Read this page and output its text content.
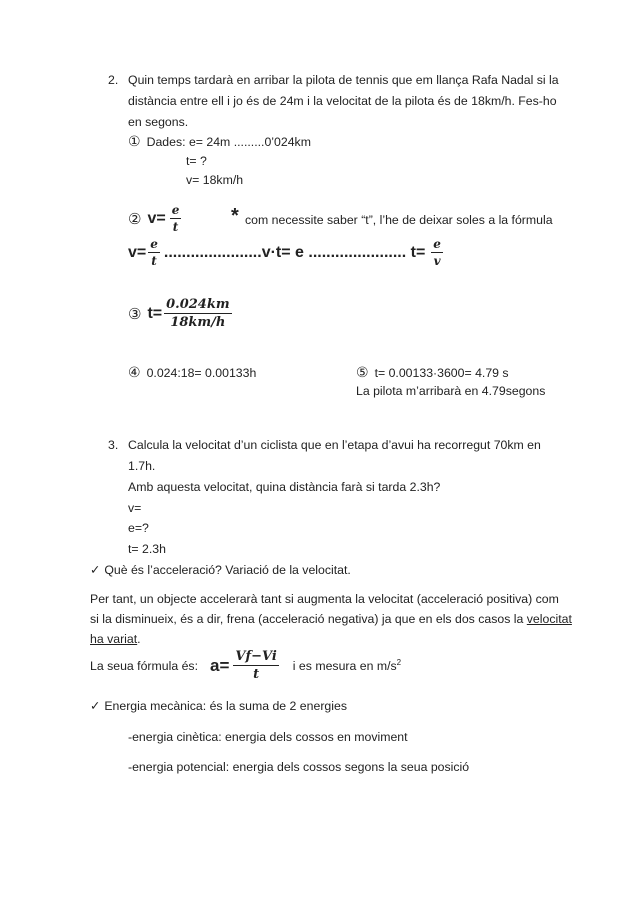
2. Quin temps tardarà en arribar la pilota de tennis que em llança Rafa Nadal si la
distància entre ell i jo és de 24m i la velocitat de la pilota és de 18km/h. Fes-ho
en segons.
① Dades: e= 24m .........0’024km
t= ?
v= 18km/h
② $v= \frac{e}{t}$ * com necessite saber “t”, l’he de deixar soles a la fórmula
$v= \frac{e}{t} ......................v\cdot t= e$ ...................... $t= \frac{e}{v}$
③ $t= \frac{0.024km}{18km/h}$
④ 0.024:18= 0.00133h	⑤ t= 0.00133·3600= 4.79 s
La pilota m’arribarà en 4.79segons
3. Calcula la velocitat d’un ciclista que en l’etapa d’avui ha recorregut 70km en
1.7h.
Amb aquesta velocitat, quina distància farà si tarda 2.3h?
v=
e=?
t= 2.3h
✓ Què és l’acceleració? Variació de la velocitat.
Per tant, un objecte accelerarà tant si augmenta la velocitat (acceleració positiva) com
si la disminueix, és a dir, frena (acceleració negativa) ja que en els dos casos la velocitat
ha variat.
La seua fórmula és: $a= \frac{Vf-Vi}{t}$ i es mesura en $m/s^2$
✓ Energia mecànica: és la suma de 2 energies
-energia cinètica: energia dels cossos en moviment
-energia potencial: energia dels cossos segons la seua posició
